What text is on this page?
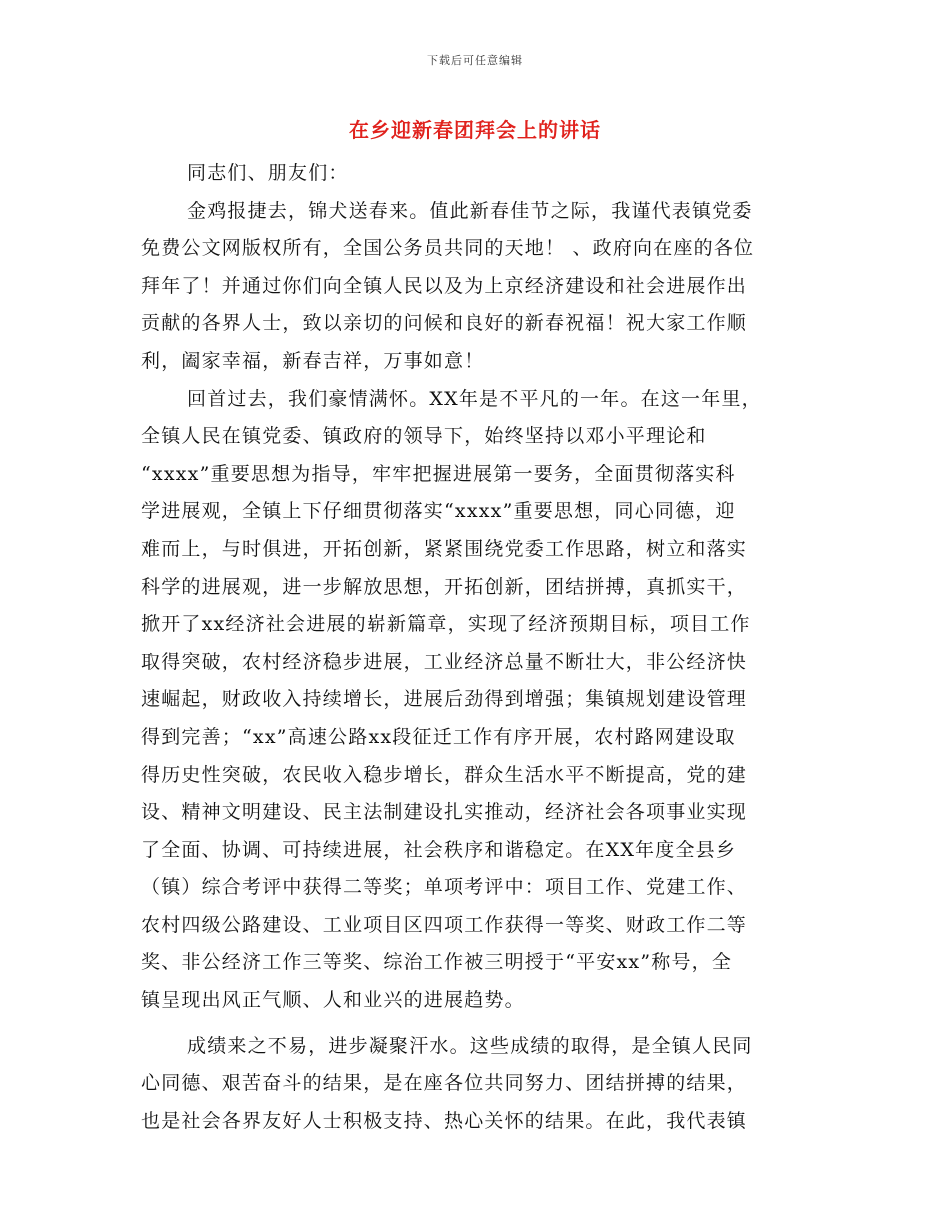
下载后可任意编辑
在乡迎新春团拜会上的讲话
同志们、朋友们：
金鸡报捷去，锦犬送春来。值此新春佳节之际，我谨代表镇党委
免费公文网版权所有，全国公务员共同的天地！ 、政府向在座的各位
拜年了！并通过你们向全镇人民以及为上京经济建设和社会进展作出
贡献的各界人士，致以亲切的问候和良好的新春祝福！祝大家工作顺
利，阖家幸福，新春吉祥，万事如意！
回首过去，我们豪情满怀。XX年是不平凡的一年。在这一年里，
全镇人民在镇党委、镇政府的领导下，始终坚持以邓小平理论和
“xxxx”重要思想为指导，牢牢把握进展第一要务，全面贯彻落实科
学进展观，全镇上下仔细贯彻落实“xxxx”重要思想，同心同德，迎
难而上，与时俱进，开拓创新，紧紧围绕党委工作思路，树立和落实
科学的进展观，进一步解放思想，开拓创新，团结拼搏，真抓实干，
掀开了xx经济社会进展的崭新篇章，实现了经济预期目标，项目工作
取得突破，农村经济稳步进展，工业经济总量不断壮大，非公经济快
速崛起，财政收入持续增长，进展后劲得到增强；集镇规划建设管理
得到完善；“xx”高速公路xx段征迁工作有序开展，农村路网建设取
得历史性突破，农民收入稳步增长，群众生活水平不断提高，党的建
设、精神文明建设、民主法制建设扎实推动，经济社会各项事业实现
了全面、协调、可持续进展，社会秩序和谐稳定。在XX年度全县乡
（镇）综合考评中获得二等奖；单项考评中：项目工作、党建工作、
农村四级公路建设、工业项目区四项工作获得一等奖、财政工作二等
奖、非公经济工作三等奖、综治工作被三明授于“平安xx”称号，全
镇呈现出风正气顺、人和业兴的进展趋势。
成绩来之不易，进步凝聚汗水。这些成绩的取得，是全镇人民同
心同德、艰苦奋斗的结果，是在座各位共同努力、团结拼搏的结果，
也是社会各界友好人士积极支持、热心关怀的结果。在此，我代表镇
